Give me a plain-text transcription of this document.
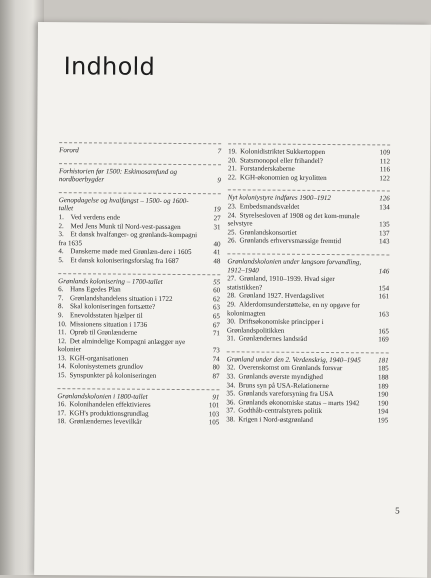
Indhold
Forord	7
Forhistorien før 1500: Eskimosamfund og nordboerbygder	9
Genopdagelse og hvalfangst – 1500- og 1600-tallet	19
1. Ved verdens ende	27
2. Med Jens Munk til Nord-vest-passagen	31
3. Et dansk hvalfanger- og grønlands-kompagni fra 1635	40
4. Danskerne møde med Grønlæn-dere i 1605	41
5. Et dansk koloniseringsforslag fra 1687	48
Grønlands kolonisering – 1700-tallet	55
6. Hans Egedes Plan	60
7. Grønlandshandelens situation i 1722	62
8. Skal koloniseringen fortsætte?	63
9. Enevoldsstaten hjælper til	65
10. Missionens situation i 1736	67
11. Oprøb til Grønlænderne	71
12. Det almindelige Kompagni anlægger nye kolonier	73
13. KGH-organisationen	74
14. Kolonisystemets grundlov	80
15. Synspunkter på koloniseringen	87
Grønlandskolonien i 1800-tallet	91
16. Kolonihandelen effektivieres	101
17. KGH's produktionsgrundlag	103
18. Grønlændernes levevilkår	105
19. Kolonidistriktet Sukkertoppen	109
20. Statsmonopol eller frihandel?	112
21. Forstanderskaberne	116
22. KGH-økonomien og kryolitten	122
Nyt koloniystyre indføres 1900–1912	126
23. Embedsmandsvældet	134
24. Styrelsesloven af 1908 og det kom-munale selvstyre	135
25. Grønlandskonsortiet	137
26. Grønlands erhvervsmæssige fremtid	143
Grønlandskolonien under langsom forvandling, 1912–1940	146
27. Grønland, 1910–1939. Hvad siger statistikken?	154
28. Grønland 1927. Hverdagslivet	161
29. Alderdomsunderstøttelse, en ny opgave for kolonimagten	163
30. Driftsøkonomiske principper i Grønlandspolitikken	165
31. Grønlændernes landsråd	169
Grønland under den 2. Verdenskrig, 1940–1945	181
32. Overenskomst om Grønlands forsvar	185
33. Grønlands øverste myndighed	188
34. Bruns syn på USA-Relationerne	189
35. Grønlands vareforsyning fra USA	190
36. Grønlands økonomiske status – marts 1942	190
37. Godthåb-centralstyrets politik	194
38. Krigen i Nord-østgrønland	195
5
